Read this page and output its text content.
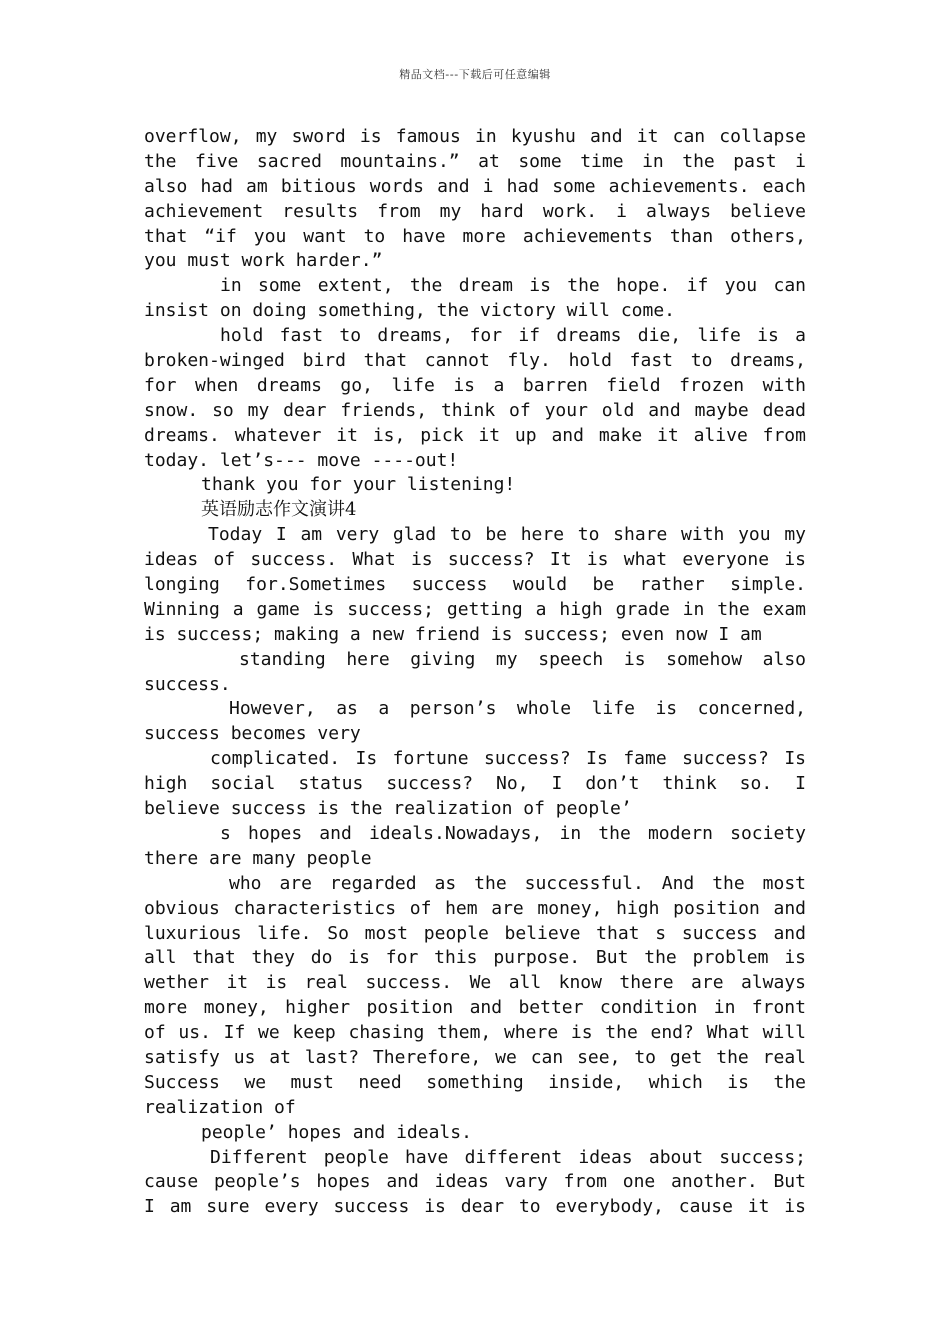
精品文档---下载后可任意编辑
overflow, my sword is famous in kyushu and it can collapse
the five sacred mountains.” at some time in the past i
also had am bitious words and i had some achievements. each
achievement results from my hard work. i always believe
that “if you want to have more achievements than others,
you must work harder.”
in some extent, the dream is the hope. if you can
insist on doing something, the victory will come.
hold fast to dreams, for if dreams die, life is a
broken-winged bird that cannot fly. hold fast to dreams,
for when dreams go, life is a barren field frozen with
snow. so my dear friends, think of your old and maybe dead
dreams. whatever it is, pick it up and make it alive from
today. let’s--- move ----out!
thank you for your listening!
英语励志作文演讲4
Today I am very glad to be here to share with you my
ideas of success. What is success? It is what everyone is
longing for.Sometimes success would be rather simple.
Winning a game is success; getting a high grade in the exam
is success; making a new friend is success; even now I am
standing here giving my speech is somehow also
success.
However, as a person’s whole life is concerned,
success becomes very
complicated. Is fortune success? Is fame success? Is
high social status success? No, I don’t think so. I
believe success is the realization of people’
s hopes and ideals.Nowadays, in the modern society
there are many people
who are regarded as the successful. And the most
obvious characteristics of hem are money, high position and
luxurious life. So most people believe that s success and
all that they do is for this purpose. But the problem is
wether it is real success. We all know there are always
more money, higher position and better condition in front
of us. If we keep chasing them, where is the end? What will
satisfy us at last? Therefore, we can see, to get the real
Success we must need something inside, which is the
realization of
people’ hopes and ideals.
Different people have different ideas about success;
cause people’s hopes and ideas vary from one another. But
I am sure every success is dear to everybody, cause it is
